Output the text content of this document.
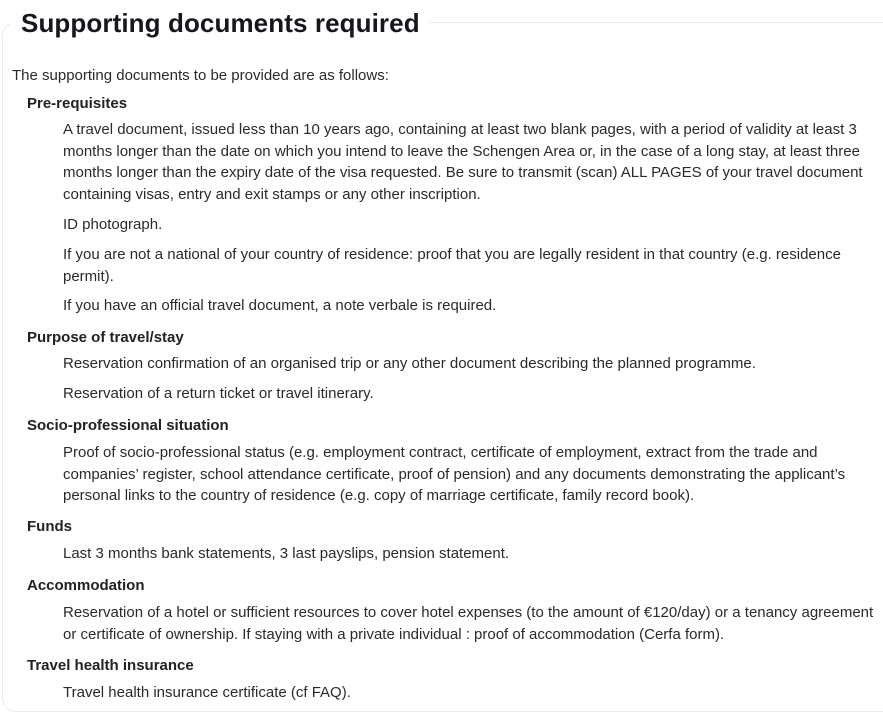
Supporting documents required
The supporting documents to be provided are as follows:
Pre-requisites
A travel document, issued less than 10 years ago, containing at least two blank pages, with a period of validity at least 3 months longer than the date on which you intend to leave the Schengen Area or, in the case of a long stay, at least three months longer than the expiry date of the visa requested. Be sure to transmit (scan) ALL PAGES of your travel document containing visas, entry and exit stamps or any other inscription.
ID photograph.
If you are not a national of your country of residence: proof that you are legally resident in that country (e.g. residence permit).
If you have an official travel document, a note verbale is required.
Purpose of travel/stay
Reservation confirmation of an organised trip or any other document describing the planned programme.
Reservation of a return ticket or travel itinerary.
Socio-professional situation
Proof of socio-professional status (e.g. employment contract, certificate of employment, extract from the trade and companies’ register, school attendance certificate, proof of pension) and any documents demonstrating the applicant’s personal links to the country of residence (e.g. copy of marriage certificate, family record book).
Funds
Last 3 months bank statements, 3 last payslips, pension statement.
Accommodation
Reservation of a hotel or sufficient resources to cover hotel expenses (to the amount of €120/day) or a tenancy agreement or certificate of ownership. If staying with a private individual : proof of accommodation (Cerfa form).
Travel health insurance
Travel health insurance certificate (cf FAQ).
